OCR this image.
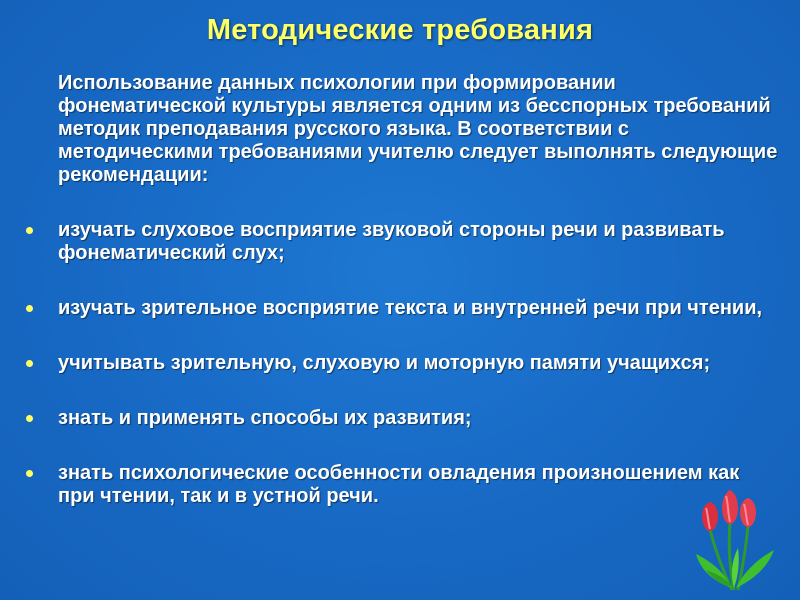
Методические требования

Использование данных психологии при формировании фонематической культуры является одним из бесспорных требований методик преподавания русского языка. В соответствии с методическими требованиями учителю следует выполнять следующие рекомендации:

изучать слуховое восприятие звуковой стороны речи и развивать фонематический слух;
изучать зрительное восприятие текста и внутренней речи при чтении,
учитывать зрительную, слуховую и моторную памяти учащихся;
знать и применять способы их развития;
знать психологические особенности овладения произношением как при чтении, так и в устной речи.
